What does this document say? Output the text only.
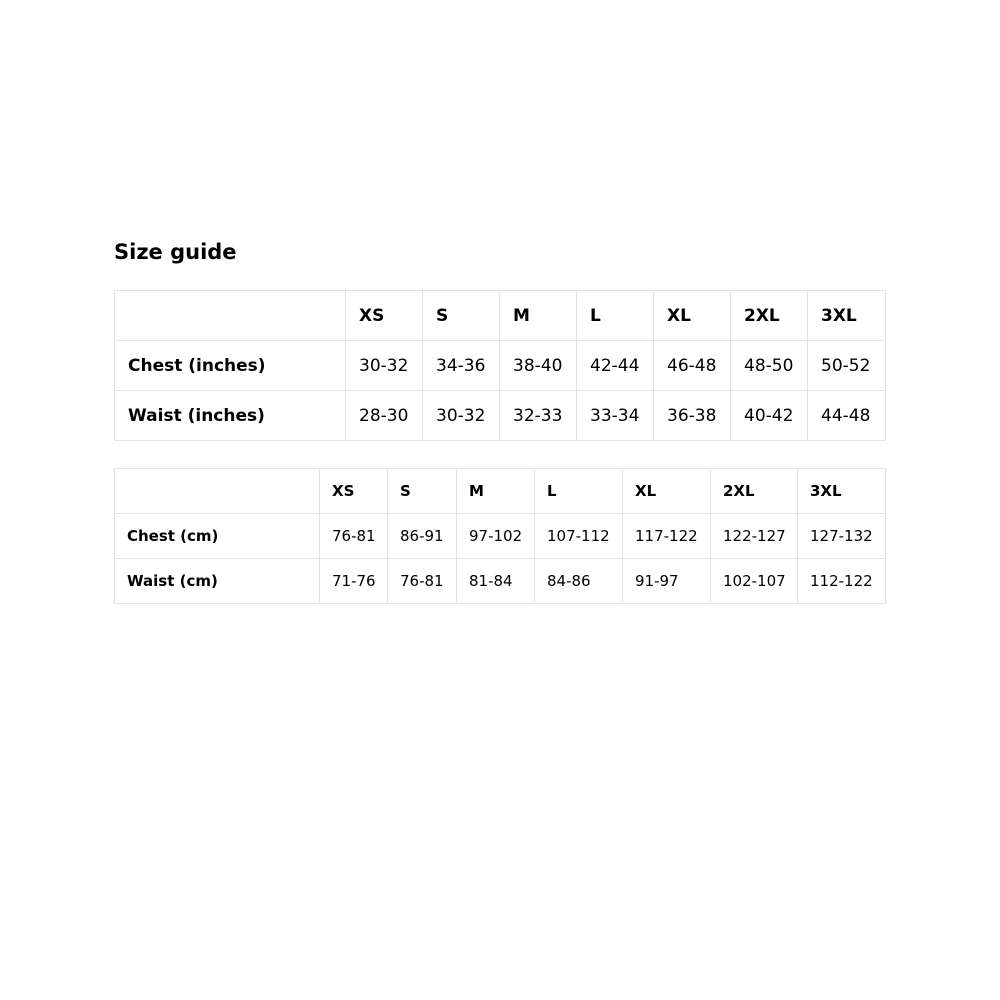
Size guide
	XS	S	M	L	XL	2XL	3XL
Chest (inches)	30-32	34-36	38-40	42-44	46-48	48-50	50-52
Waist (inches)	28-30	30-32	32-33	33-34	36-38	40-42	44-48
	XS	S	M	L	XL	2XL	3XL
Chest (cm)	76-81	86-91	97-102	107-112	117-122	122-127	127-132
Waist (cm)	71-76	76-81	81-84	84-86	91-97	102-107	112-122
